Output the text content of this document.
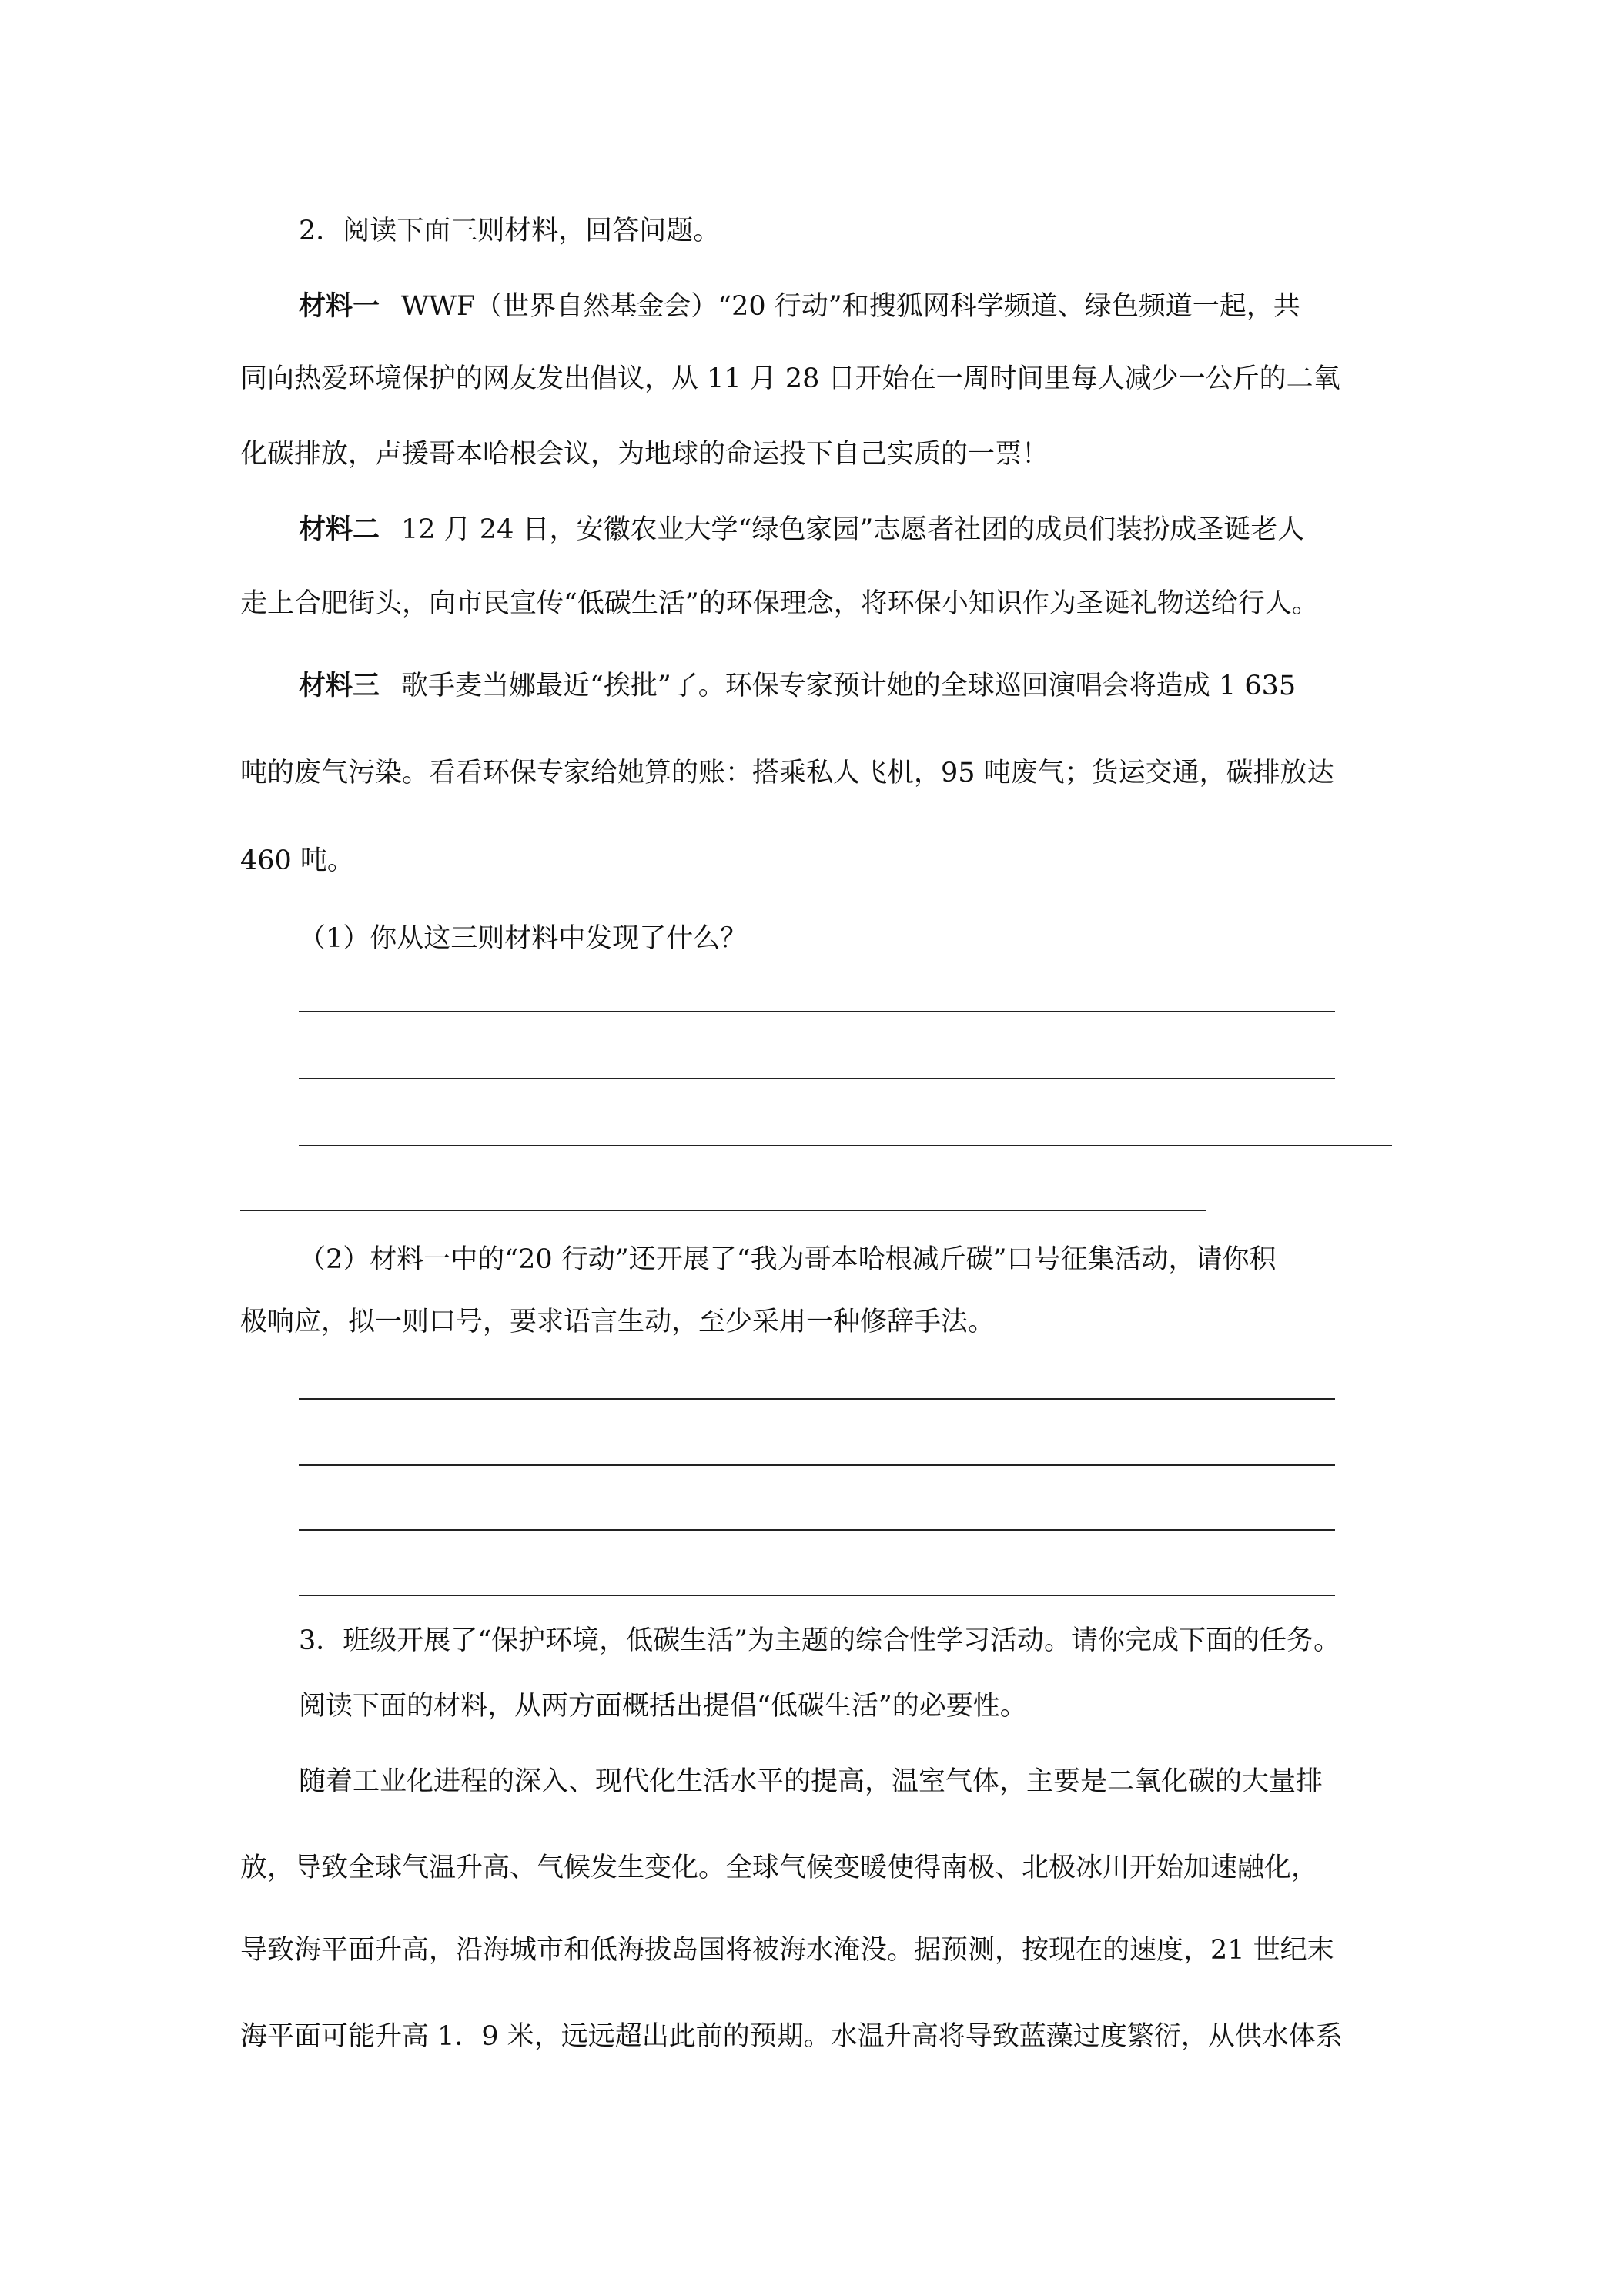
2．阅读下面三则材料，回答问题。
材料一 WWF（世界自然基金会）“20 行动”和搜狐网科学频道、绿色频道一起，共
同向热爱环境保护的网友发出倡议，从 11 月 28 日开始在一周时间里每人减少一公斤的二氧
化碳排放，声援哥本哈根会议，为地球的命运投下自己实质的一票！
材料二 12 月 24 日，安徽农业大学“绿色家园”志愿者社团的成员们装扮成圣诞老人
走上合肥街头，向市民宣传“低碳生活”的环保理念，将环保小知识作为圣诞礼物送给行人。
材料三 歌手麦当娜最近“挨批”了。环保专家预计她的全球巡回演唱会将造成 1 635
吨的废气污染。看看环保专家给她算的账：搭乘私人飞机，95 吨废气；货运交通，碳排放达
460 吨。
（1）你从这三则材料中发现了什么？
（2）材料一中的“20 行动”还开展了“我为哥本哈根减斤碳”口号征集活动，请你积
极响应，拟一则口号，要求语言生动，至少采用一种修辞手法。
3．班级开展了“保护环境，低碳生活”为主题的综合性学习活动。请你完成下面的任务。
阅读下面的材料，从两方面概括出提倡“低碳生活”的必要性。
随着工业化进程的深入、现代化生活水平的提高，温室气体，主要是二氧化碳的大量排
放，导致全球气温升高、气候发生变化。全球气候变暖使得南极、北极冰川开始加速融化，
导致海平面升高，沿海城市和低海拔岛国将被海水淹没。据预测，按现在的速度，21 世纪末
海平面可能升高 1．9 米，远远超出此前的预期。水温升高将导致蓝藻过度繁衍，从供水体系
